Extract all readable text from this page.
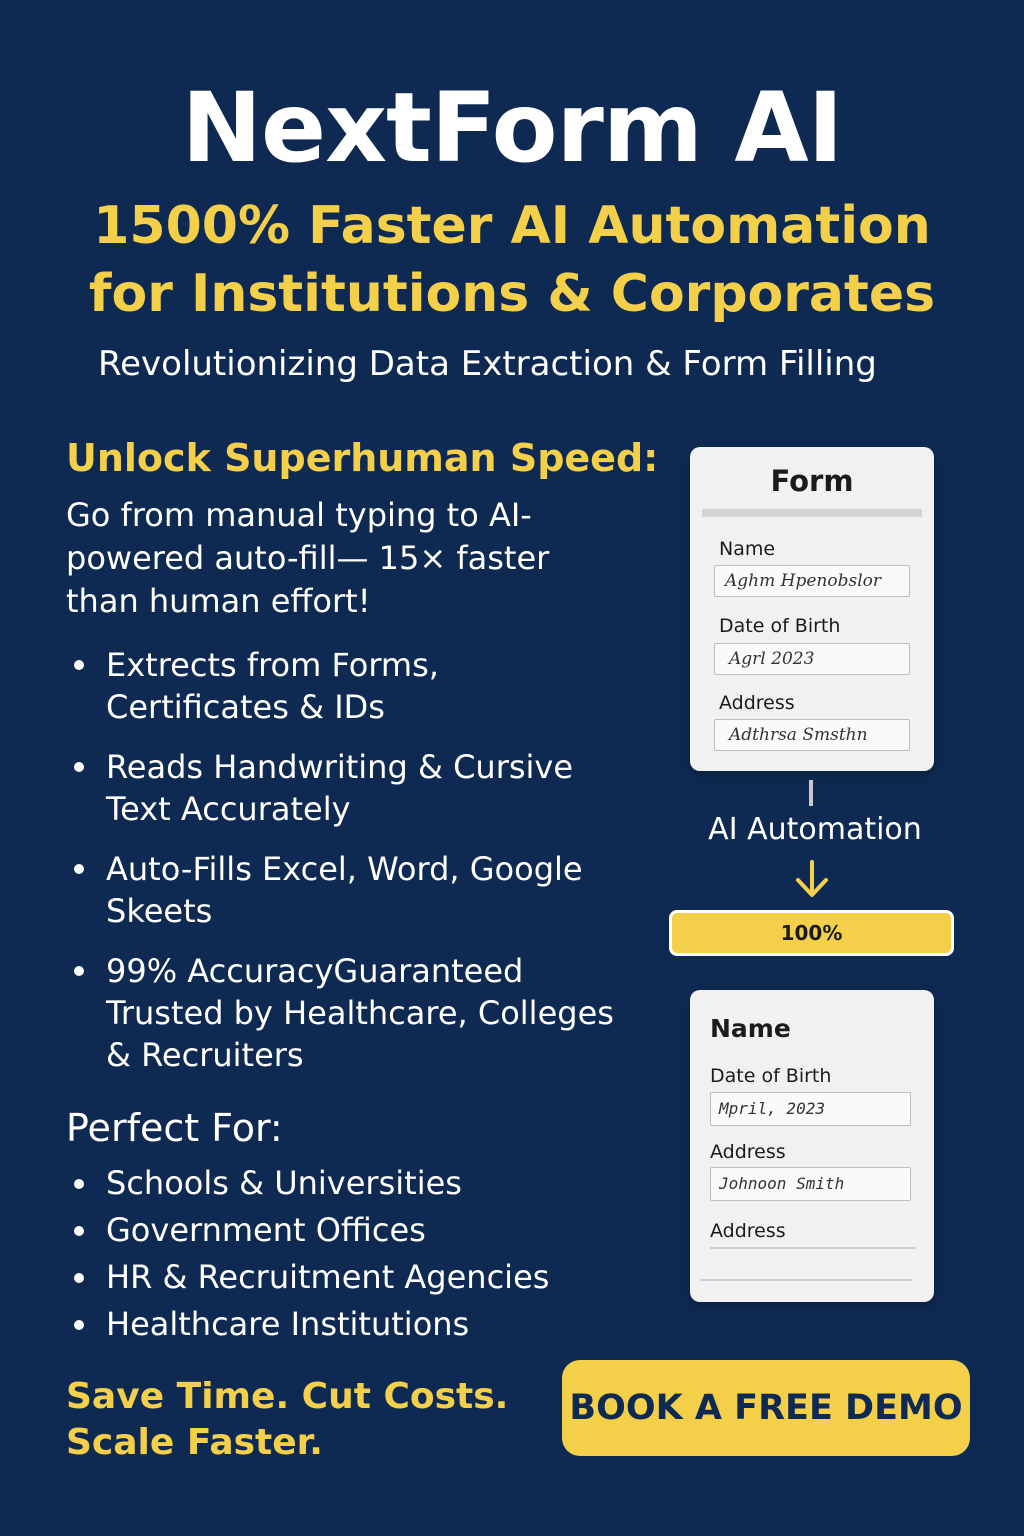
NextForm AI
1500% Faster AI Automation
for Institutions & Corporates
Revolutionizing Data Extraction & Form Filling
Unlock Superhuman Speed:
Go from manual typing to AI-powered auto-fill— 15× faster than human effort!
Extrects from Forms, Certificates & IDs
Reads Handwriting & Cursive Text Accurately
Auto-Fills Excel, Word, Google Skeets
99% AccuracyGuaranteed Trusted by Healthcare, Colleges & Recruiters
Perfect For:
Schools & Universities
Government Offices
HR & Recruitment Agencies
Healthcare Institutions
Save Time. Cut Costs.
Scale Faster.
BOOK A FREE DEMO
Form
Name
Aghm Hpenobslor
Date of Birth
Agrl 2023
Address
Adthrsa Smsthn
AI Automation
100%
Name
Date of Birth
Mpril, 2023
Address
Johnoon Smith
Address
